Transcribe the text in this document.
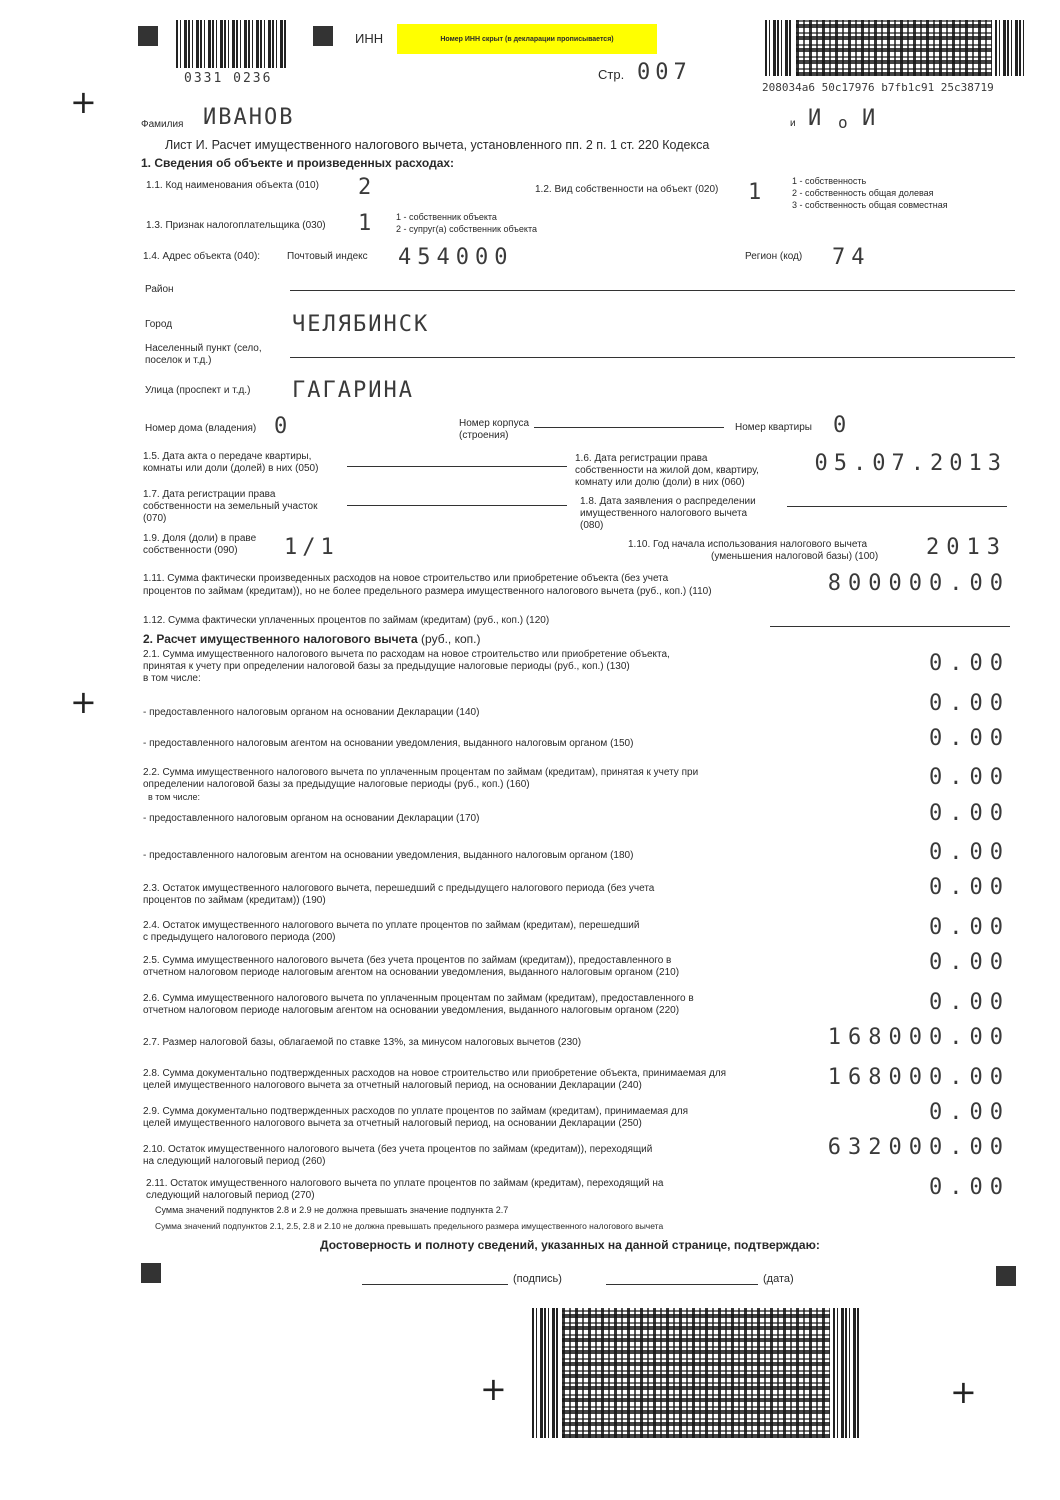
0331 0236
ИНН	Номер ИНН скрыт (в декларации прописывается)
Стр. 007
208034a6 50c17976 b7fb1c91 25c38719
+
Фамилия ИВАНОВ	и И о И
Лист И. Расчет имущественного налогового вычета, установленного пп. 2 п. 1 ст. 220 Кодекса
1. Сведения об объекте и произведенных расходах:
1.1. Код наименования объекта (010) 2	1.2. Вид собственности на объект (020) 1	1 - собственность
2 - собственность общая долевая
3 - собственность общая совместная
1.3. Признак налогоплательщика (030) 1	1 - собственник объекта
2 - супруг(а) собственник объекта
1.4. Адрес объекта (040):	Почтовый индекс 454000	Регион (код) 74
Район
Город	ЧЕЛЯБИНСК
Населенный пункт (село,
поселок и т.д.)
Улица (проспект и т.д.) ГАГАРИНА
Номер дома (владения) 0	Номер корпуса
(строения)
Номер квартиры 0
1.5. Дата акта о передаче квартиры,
комнаты или доли (долей) в них (050)
1.6. Дата регистрации права
собственности на жилой дом, квартиру,
комнату или долю (доли) в них (060)
05.07.2013
1.7. Дата регистрации права
собственности на земельный участок
(070)
1.8. Дата заявления о распределении
имущественного налогового вычета
(080)
1.9. Доля (доли) в праве
собственности (090) 1/1	1.10. Год начала использования налогового вычета
(уменьшения налоговой базы) (100)	2013
1.11. Сумма фактически произведенных расходов на новое строительство или приобретение объекта (без учета
процентов по займам (кредитам)), но не более предельного размера имущественного налогового вычета (руб., коп.) (110)	800000.00
1.12. Сумма фактически уплаченных процентов по займам (кредитам) (руб., коп.) (120)
2. Расчет имущественного налогового вычета (руб., коп.)
2.1. Сумма имущественного налогового вычета по расходам на новое строительство или приобретение объекта,
принятая к учету при определении налоговой базы за предыдущие налоговые периоды (руб., коп.) (130)
в том числе:
0.00
+	- предоставленного налоговым органом на основании Декларации (140)	0.00
- предоставленного налоговым агентом на основании уведомления, выданного налоговым органом (150)	0.00
2.2. Сумма имущественного налогового вычета по уплаченным процентам по займам (кредитам), принятая к учету при
определении налоговой базы за предыдущие налоговые периоды (руб., коп.) (160)
в том числе:
0.00
- предоставленного налоговым органом на основании Декларации (170)	0.00
- предоставленного налоговым агентом на основании уведомления, выданного налоговым органом (180)	0.00
2.3. Остаток имущественного налогового вычета, перешедший с предыдущего налогового периода (без учета
процентов по займам (кредитам)) (190)
0.00
2.4. Остаток имущественного налогового вычета по уплате процентов по займам (кредитам), перешедший
с предыдущего налогового периода (200)	0.00
2.5. Сумма имущественного налогового вычета (без учета процентов по займам (кредитам)), предоставленного в
отчетном налоговом периоде налоговым агентом на основании уведомления, выданного налоговым органом (210)	0.00
2.6. Сумма имущественного налогового вычета по уплаченным процентам по займам (кредитам), предоставленного в
отчетном налоговом периоде налоговым агентом на основании уведомления, выданного налоговым органом (220)	0.00
2.7. Размер налоговой базы, облагаемой по ставке 13%, за минусом налоговых вычетов (230)	168000.00
2.8. Сумма документально подтвержденных расходов на новое строительство или приобретение объекта, принимаемая для
целей имущественного налогового вычета за отчетный налоговый период, на основании Декларации (240)	168000.00
2.9. Сумма документально подтвержденных расходов по уплате процентов по займам (кредитам), принимаемая для
целей имущественного налогового вычета за отчетный налоговый период, на основании Декларации (250)	0.00
2.10. Остаток имущественного налогового вычета (без учета процентов по займам (кредитам)), переходящий
на следующий налоговый период (260)
632000.00
2.11. Остаток имущественного налогового вычета по уплате процентов по займам (кредитам), переходящий на
следующий налоговый период (270)	0.00
Сумма значений подпунктов 2.8 и 2.9 не должна превышать значение подпункта 2.7
Сумма значений подпунктов 2.1, 2.5, 2.8 и 2.10 не должна превышать предельного размера имущественного налогового вычета
Достоверность и полноту сведений, указанных на данной странице, подтверждаю:
(подпись)	(дата)
+	+
